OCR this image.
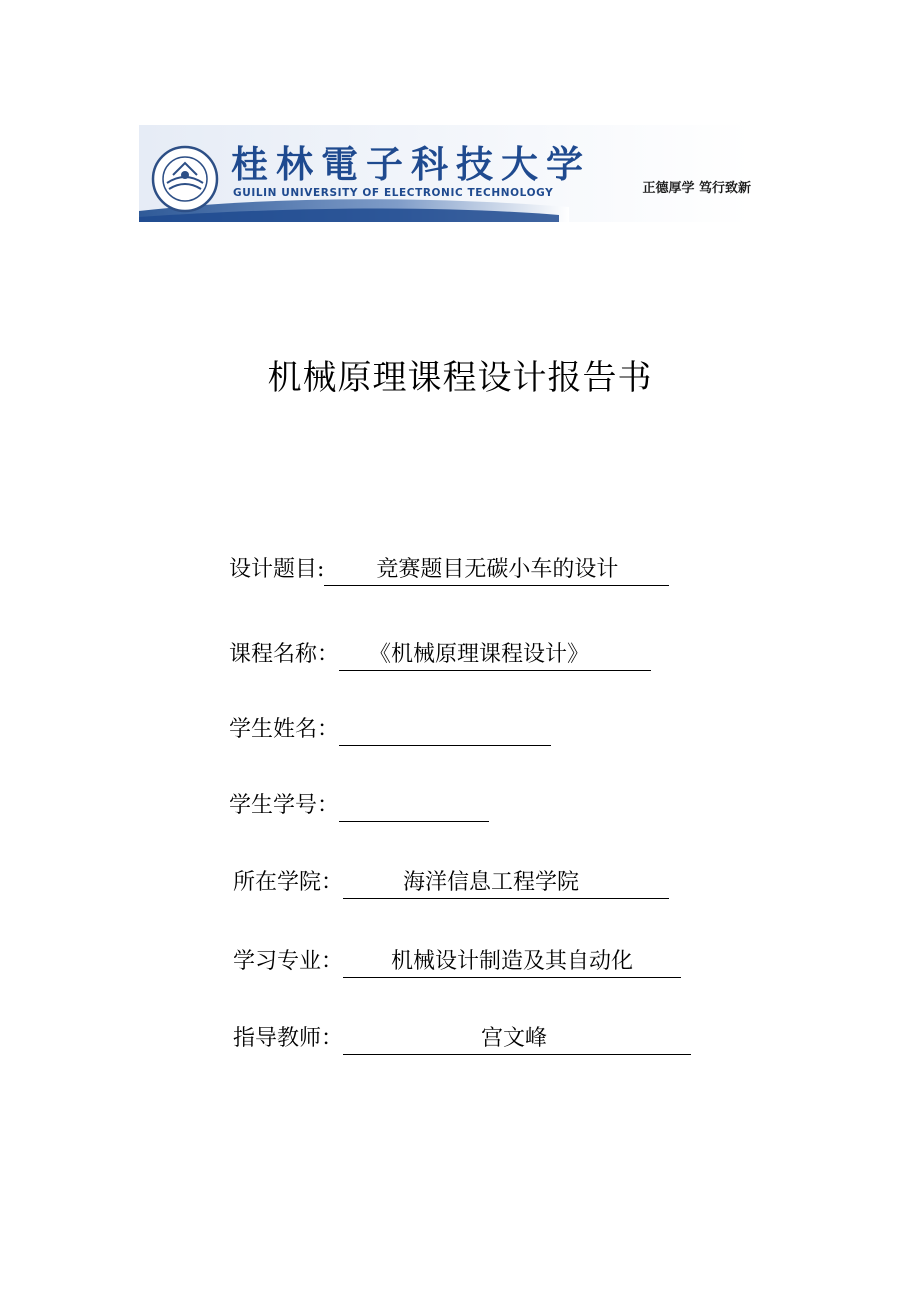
桂林電子科技大学
GUILIN UNIVERSITY OF ELECTRONIC TECHNOLOGY	正德厚学 笃行致新
机械原理课程设计报告书
设计题目: 竞赛题目无碳小车的设计
课程名称： 《机械原理课程设计》
学生姓名：
学生学号：
所在学院：	海洋信息工程学院
学习专业： 机械设计制造及其自动化
指导教师：	宫文峰
